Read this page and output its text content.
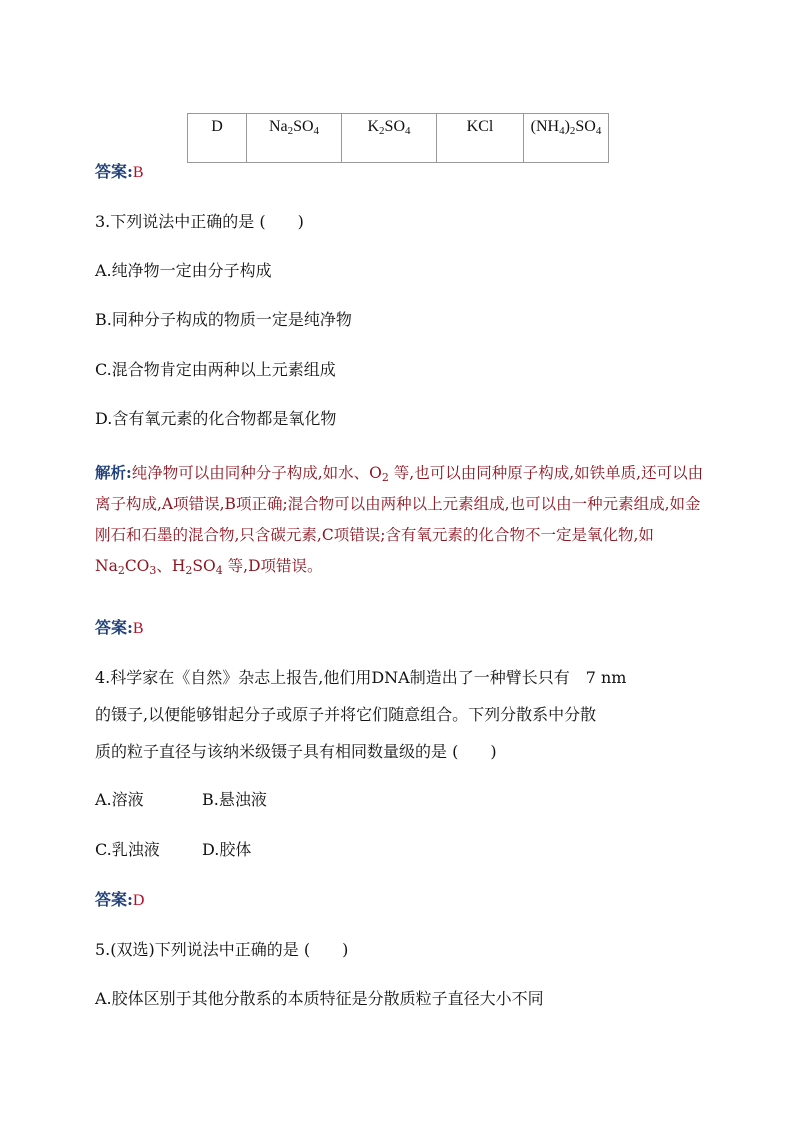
D	$Na_2SO_4$	$K_2SO_4$	KCl	$(NH_4)_2SO_4$
答案:B
3.下列说法中正确的是 (　　)
A.纯净物一定由分子构成
B.同种分子构成的物质一定是纯净物
C.混合物肯定由两种以上元素组成
D.含有氧元素的化合物都是氧化物
解析:纯净物可以由同种分子构成,如水、$O_2$ 等,也可以由同种原子构成,如铁单质,还可以由离子构成,A项错误,B项正确;混合物可以由两种以上元素组成,也可以由一种元素组成,如金刚石和石墨的混合物,只含碳元素,C项错误;含有氧元素的化合物不一定是氧化物,如$Na_2CO_3$、$H_2SO_4$ 等,D项错误。
答案:B
4.科学家在《自然》杂志上报告,他们用DNA制造出了一种臂长只有　7 nm
的镊子,以便能够钳起分子或原子并将它们随意组合。下列分散系中分散
质的粒子直径与该纳米级镊子具有相同数量级的是 (　　)
A.溶液	B.悬浊液
C.乳浊液	D.胶体
答案:D
5.(双选)下列说法中正确的是 (　　)
A.胶体区别于其他分散系的本质特征是分散质粒子直径大小不同
